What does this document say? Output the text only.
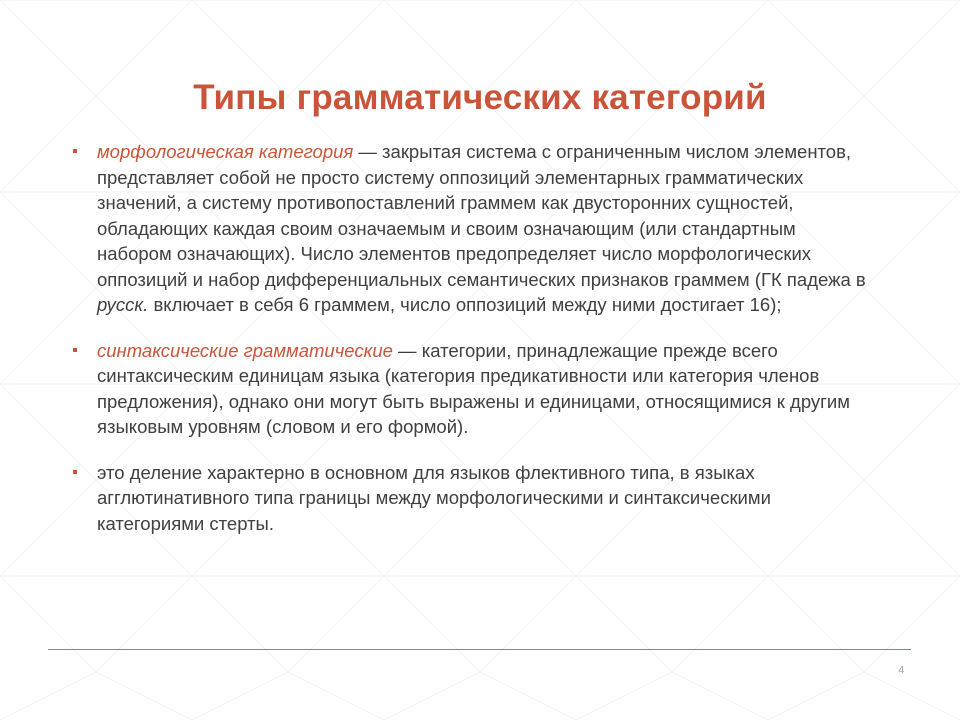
Типы грамматических категорий

морфологическая категория — закрытая система с ограниченным числом элементов, представляет собой не просто систему оппозиций элементарных грамматических значений, а систему противопоставлений граммем как двусторонних сущностей, обладающих каждая своим означаемым и своим означающим (или стандартным набором означающих). Число элементов предопределяет число морфологических оппозиций и набор дифференциальных семантических признаков граммем (ГК падежа в русск. включает в себя 6 граммем, число оппозиций между ними достигает 16);

синтаксические грамматические — категории, принадлежащие прежде всего синтаксическим единицам языка (категория предикативности или категория членов предложения), однако они могут быть выражены и единицами, относящимися к другим языковым уровням (словом и его формой).

это деление характерно в основном для языков флективного типа, в языках агглютинативного типа границы между морфологическими и синтаксическими категориями стерты.

4
